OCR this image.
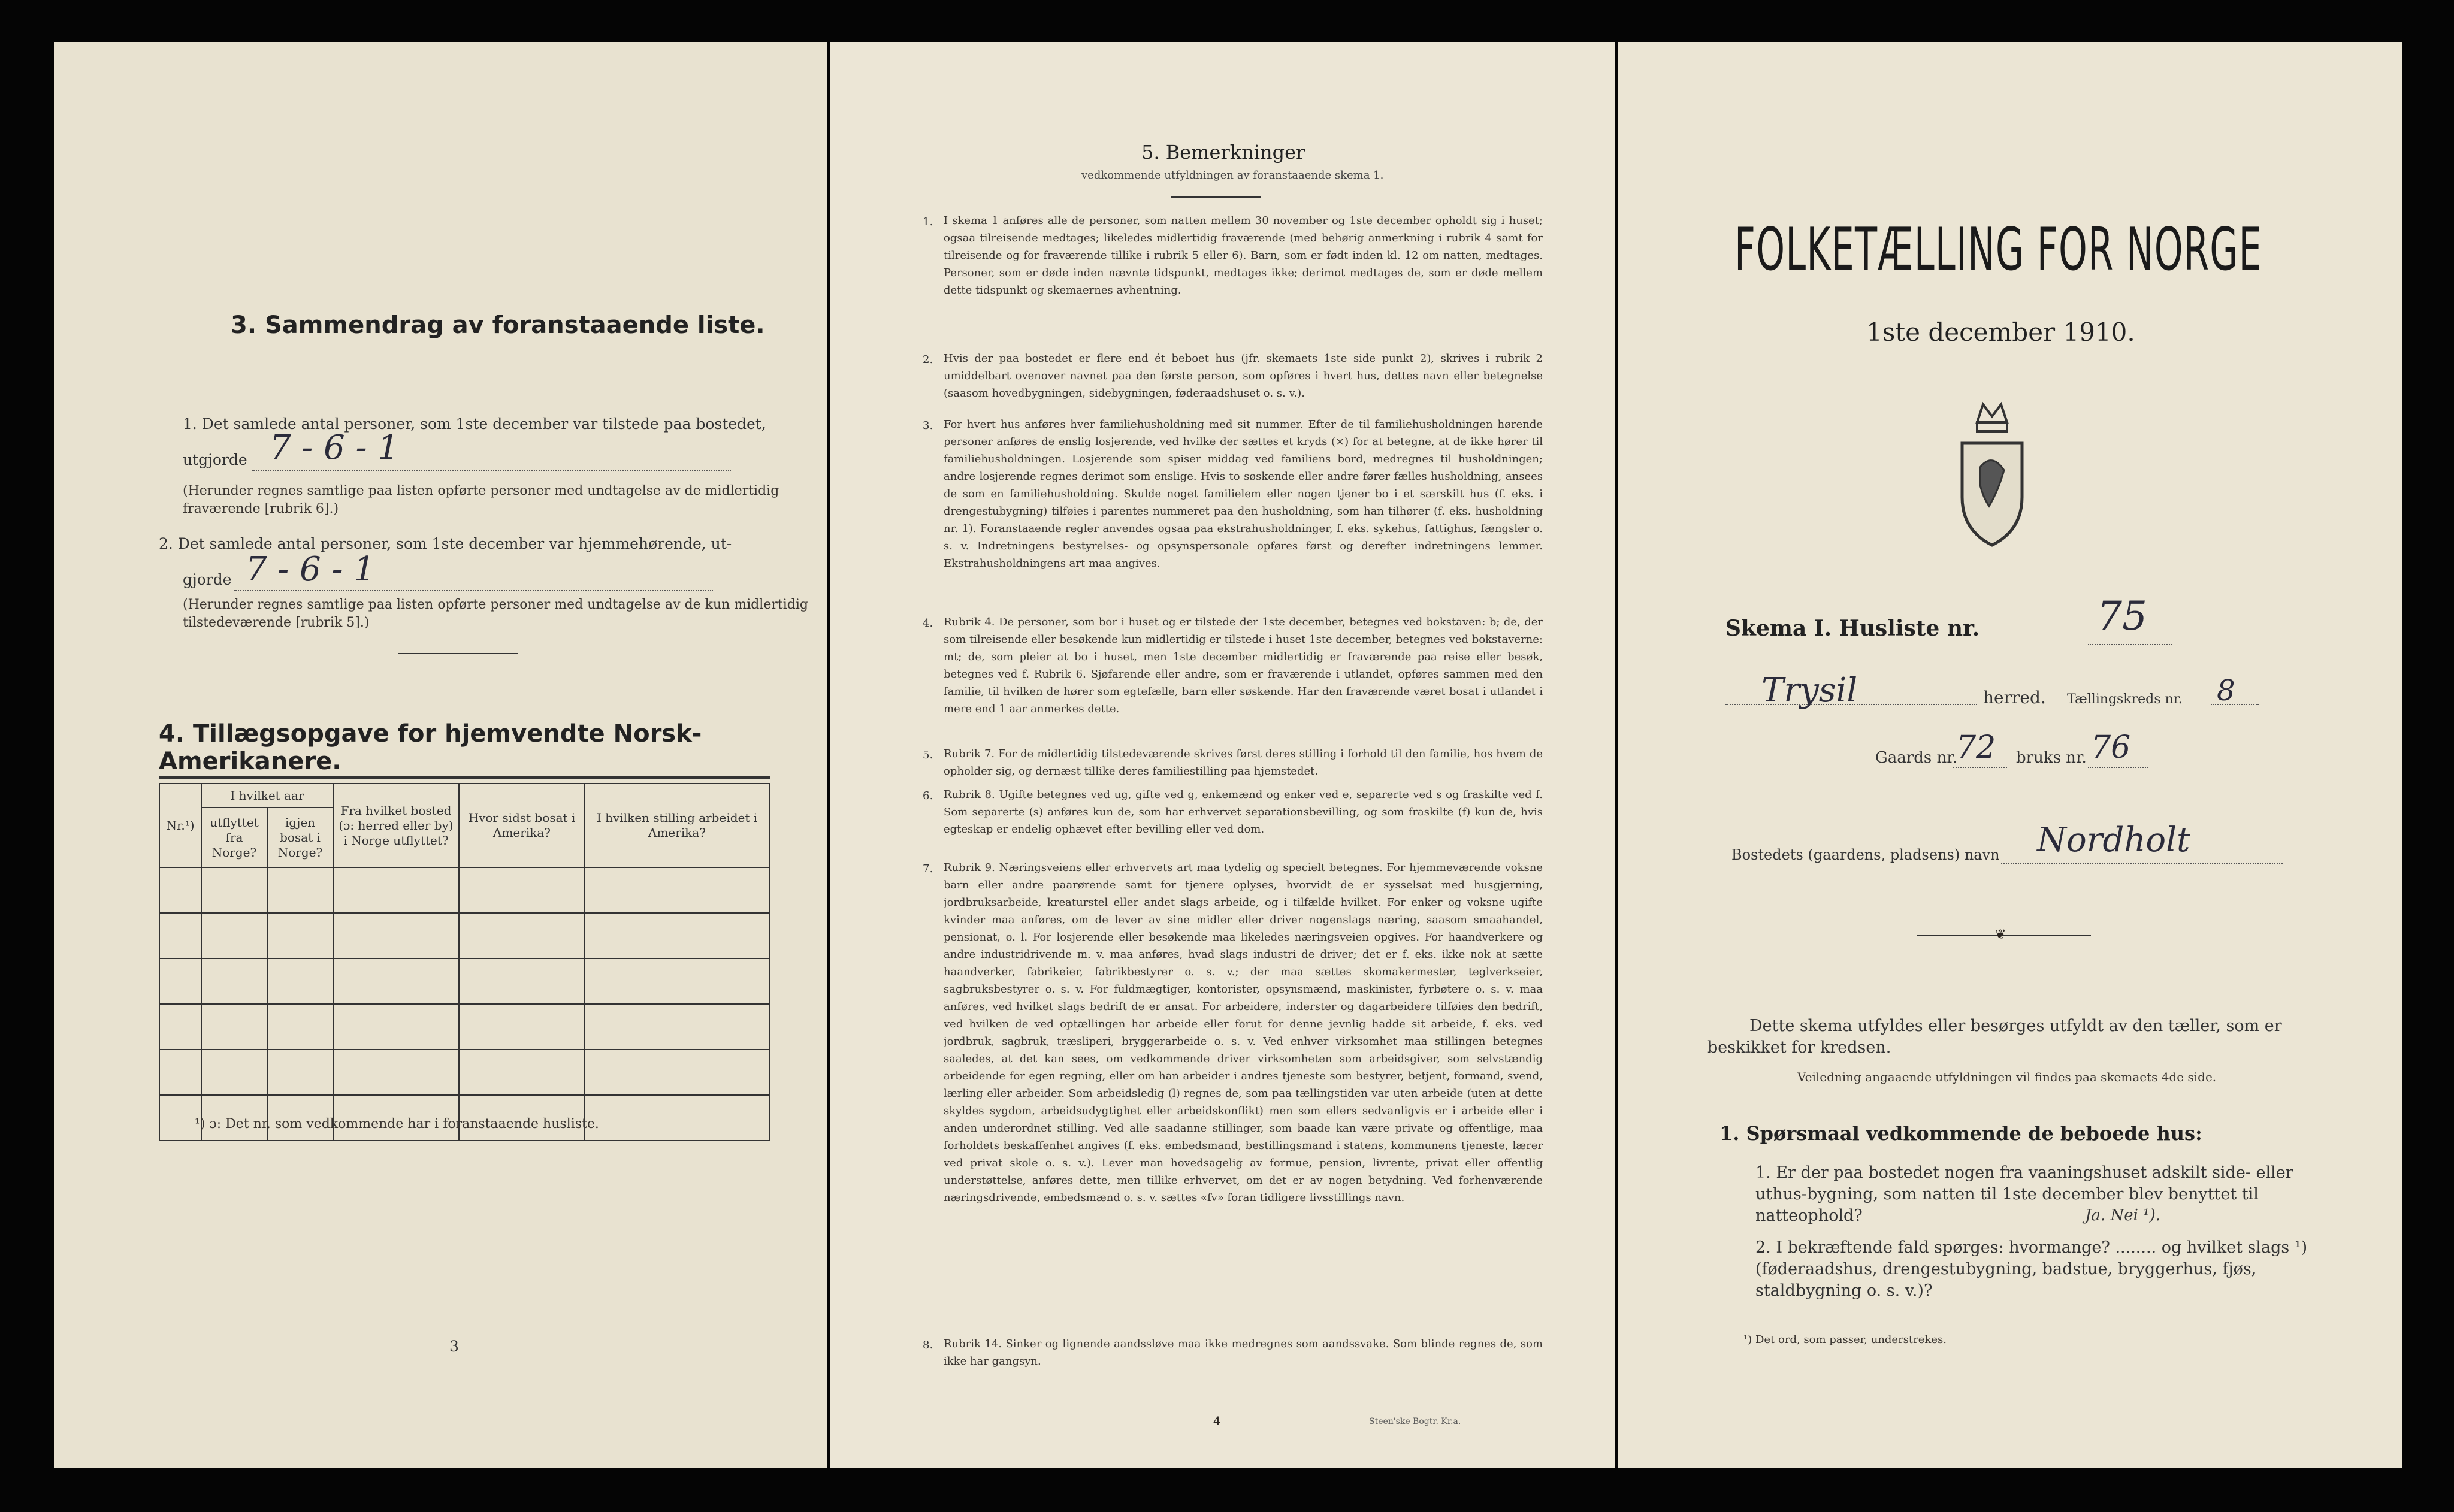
3. Sammendrag av foranstaaende liste.
1. Det samlede antal personer, som 1ste december var tilstede paa bostedet,
utgjorde 7 - 6 - 1
(Herunder regnes samtlige paa listen opførte personer med undtagelse av de midlertidig fraværende [rubrik 6].)
2. Det samlede antal personer, som 1ste december var hjemmehørende, ut-
gjorde 7 - 6 - 1
(Herunder regnes samtlige paa listen opførte personer med undtagelse av de kun midlertidig tilstedeværende [rubrik 5].)
4. Tillægsopgave for hjemvendte Norsk-Amerikanere.
Nr.¹)	I hvilket aar		Fra hvilket bosted (ɔ: herred eller by) i Norge utflyttet?	Hvor sidst bosat i Amerika?	I hvilken stilling arbeidet i Amerika?
	utflyttet fra Norge?	igjen bosat i Norge?			

¹) ɔ: Det nr. som vedkommende har i foranstaaende husliste.
3
5. Bemerkninger
vedkommende utfyldningen av foranstaaende skema 1.
1. I skema 1 anføres alle de personer, som natten mellem 30 november og 1ste december opholdt sig i huset; ogsaa tilreisende medtages; likeledes midlertidig fraværende (med behørig anmerkning i rubrik 4 samt for tilreisende og for fraværende tillike i rubrik 5 eller 6). Barn, som er født inden kl. 12 om natten, medtages. Personer, som er døde inden nævnte tidspunkt, medtages ikke; derimot medtages de, som er døde mellem dette tidspunkt og skemaernes avhentning.
2. Hvis der paa bostedet er flere end ét beboet hus (jfr. skemaets 1ste side punkt 2), skrives i rubrik 2 umiddelbart ovenover navnet paa den første person, som opføres i hvert hus, dettes navn eller betegnelse (saasom hovedbygningen, sidebygningen, føderaadshuset o. s. v.).
3. For hvert hus anføres hver familiehusholdning med sit nummer. Efter de til familiehusholdningen hørende personer anføres de enslig losjerende, ved hvilke der sættes et kryds (×) for at betegne, at de ikke hører til familiehusholdningen. Losjerende som spiser middag ved familiens bord, medregnes til husholdningen; andre losjerende regnes derimot som enslige. Hvis to søskende eller andre fører fælles husholdning, ansees de som en familiehusholdning. Skulde noget familielem eller nogen tjener bo i et særskilt hus (f. eks. i drengestubygning) tilføies i parentes nummeret paa den husholdning, som han tilhører (f. eks. husholdning nr. 1). Foranstaaende regler anvendes ogsaa paa ekstrahusholdninger, f. eks. sykehus, fattighus, fængsler o. s. v. Indretningens bestyrelses- og opsynspersonale opføres først og derefter indretningens lemmer. Ekstrahusholdningens art maa angives.
4. Rubrik 4. De personer, som bor i huset og er tilstede der 1ste december, betegnes ved bokstaven: b; de, der som tilreisende eller besøkende kun midlertidig er tilstede i huset 1ste december, betegnes ved bokstaverne: mt; de, som pleier at bo i huset, men 1ste december midlertidig er fraværende paa reise eller besøk, betegnes ved f. Rubrik 6. Sjøfarende eller andre, som er fraværende i utlandet, opføres sammen med den familie, til hvilken de hører som egtefælle, barn eller søskende. Har den fraværende været bosat i utlandet i mere end 1 aar anmerkes dette.
5. Rubrik 7. For de midlertidig tilstedeværende skrives først deres stilling i forhold til den familie, hos hvem de opholder sig, og dernæst tillike deres familiestilling paa hjemstedet.
6. Rubrik 8. Ugifte betegnes ved ug, gifte ved g, enkemænd og enker ved e, separerte ved s og fraskilte ved f. Som separerte (s) anføres kun de, som har erhvervet separationsbevilling, og som fraskilte (f) kun de, hvis egteskap er endelig ophævet efter bevilling eller ved dom.
7. Rubrik 9. Næringsveiens eller erhvervets art maa tydelig og specielt betegnes. For hjemmeværende voksne barn eller andre paarørende samt for tjenere oplyses, hvorvidt de er sysselsat med husgjerning, jordbruksarbeide, kreaturstel eller andet slags arbeide, og i tilfælde hvilket. For enker og voksne ugifte kvinder maa anføres, om de lever av sine midler eller driver nogenslags næring, saasom smaahandel, pensionat, o. l. For losjerende eller besøkende maa likeledes næringsveien opgives. For haandverkere og andre industridrivende m. v. maa anføres, hvad slags industri de driver; det er f. eks. ikke nok at sætte haandverker, fabrikeier, fabrikbestyrer o. s. v.; der maa sættes skomakermester, teglverkseier, sagbruksbestyrer o. s. v. For fuldmægtiger, kontorister, opsynsmænd, maskinister, fyrbøtere o. s. v. maa anføres, ved hvilket slags bedrift de er ansat. For arbeidere, inderster og dagarbeidere tilføies den bedrift, ved hvilken de ved optællingen har arbeide eller forut for denne jevnlig hadde sit arbeide, f. eks. ved jordbruk, sagbruk, træsliperi, bryggerarbeide o. s. v. Ved enhver virksomhet maa stillingen betegnes saaledes, at det kan sees, om vedkommende driver virksomheten som arbeidsgiver, som selvstændig arbeidende for egen regning, eller om han arbeider i andres tjeneste som bestyrer, betjent, formand, svend, lærling eller arbeider. Som arbeidsledig (l) regnes de, som paa tællingstiden var uten arbeide (uten at dette skyldes sygdom, arbeidsudygtighet eller arbeidskonflikt) men som ellers sedvanligvis er i arbeide eller i anden underordnet stilling. Ved alle saadanne stillinger, som baade kan være private og offentlige, maa forholdets beskaffenhet angives (f. eks. embedsmand, bestillingsmand i statens, kommunens tjeneste, lærer ved privat skole o. s. v.). Lever man hovedsagelig av formue, pension, livrente, privat eller offentlig understøttelse, anføres dette, men tillike erhvervet, om det er av nogen betydning. Ved forhenværende næringsdrivende, embedsmænd o. s. v. sættes «fv» foran tidligere livsstillings navn.
8. Rubrik 14. Sinker og lignende aandssløve maa ikke medregnes som aandssvake. Som blinde regnes de, som ikke har gangsyn.
4	Steen'ske Bogtr. Kr.a.
FOLKETÆLLING FOR NORGE
1ste december 1910.
Skema I. Husliste nr.	75
Trysil	herred. Tællingskreds nr. 8
Gaards nr.
72 bruks nr. 76
Bostedets (gaardens, pladsens) navn Nordholt
❦
Dette skema utfyldes eller besørges utfyldt av den tæller, som er beskikket for kredsen.
Veiledning angaaende utfyldningen vil findes paa skemaets 4de side.
1. Spørsmaal vedkommende de beboede hus:
1. Er der paa bostedet nogen fra vaaningshuset adskilt side- eller uthus-bygning, som natten til 1ste december blev benyttet til natteophold?	Ja. Nei ¹).
2. I bekræftende fald spørges: hvormange? ........ og hvilket slags ¹) (føderaadshus, drengestubygning, badstue, bryggerhus, fjøs, staldbygning o. s. v.)?
¹) Det ord, som passer, understrekes.
